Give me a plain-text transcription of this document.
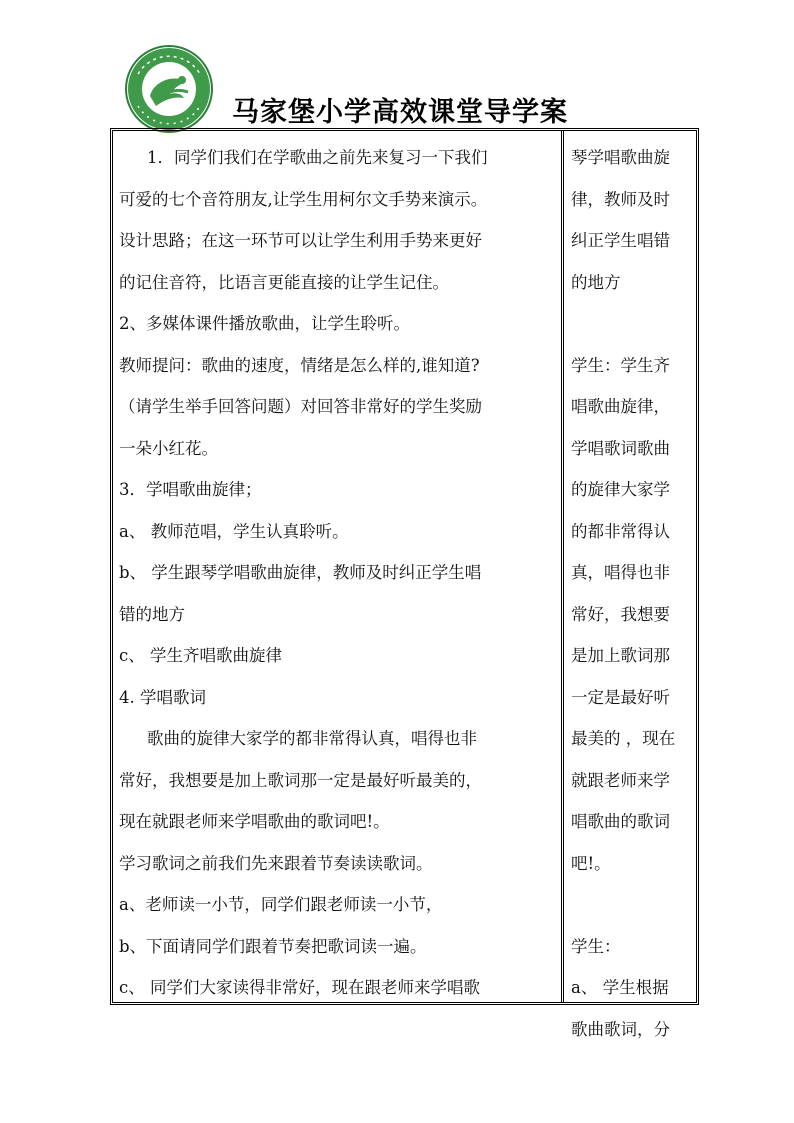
马家堡小学高效课堂导学案
1．同学们我们在学歌曲之前先来复习一下我们
可爱的七个音符朋友,让学生用柯尔文手势来演示。
设计思路；在这一环节可以让学生利用手势来更好
的记住音符，比语言更能直接的让学生记住。
2、多媒体课件播放歌曲，让学生聆听。
教师提问：歌曲的速度，情绪是怎么样的,谁知道?
（请学生举手回答问题）对回答非常好的学生奖励
一朵小红花。
3．学唱歌曲旋律；
a、 教师范唱，学生认真聆听。
b、 学生跟琴学唱歌曲旋律，教师及时纠正学生唱
错的地方
c、 学生齐唱歌曲旋律
4. 学唱歌词
歌曲的旋律大家学的都非常得认真，唱得也非
常好，我想要是加上歌词那一定是最好听最美的，
现在就跟老师来学唱歌曲的歌词吧!。
学习歌词之前我们先来跟着节奏读读歌词。
a、老师读一小节，同学们跟老师读一小节，
b、下面请同学们跟着节奏把歌词读一遍。
c、 同学们大家读得非常好，现在跟老师来学唱歌
琴学唱歌曲旋
律，教师及时
纠正学生唱错
的地方
学生：学生齐
唱歌曲旋律，
学唱歌词歌曲
的旋律大家学
的都非常得认
真，唱得也非
常好，我想要
是加上歌词那
一定是最好听
最美的 ，现在
就跟老师来学
唱歌曲的歌词
吧!。
学生：
a、 学生根据
歌曲歌词，分
